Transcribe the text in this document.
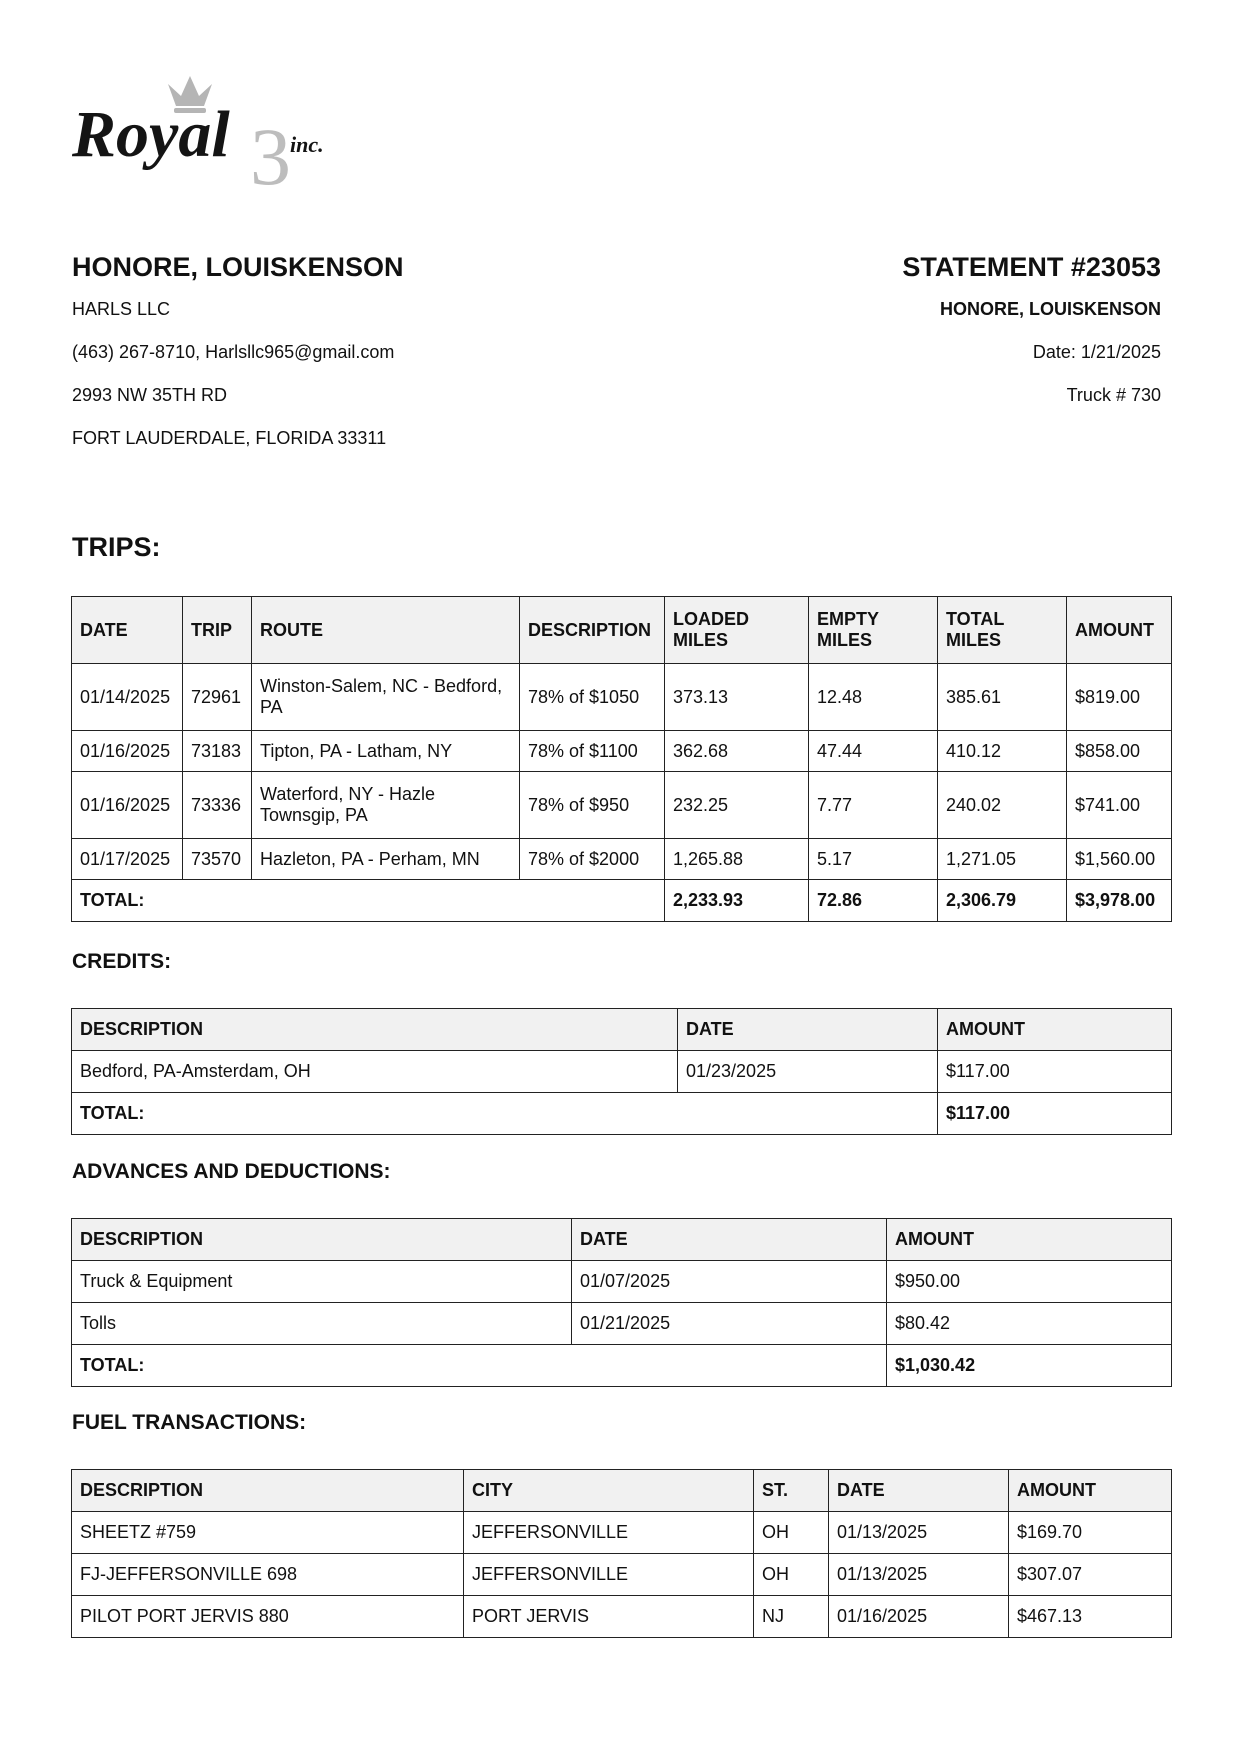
Royal 3 inc.
HONORE, LOUISKENSON
HARLS LLC
(463) 267-8710, Harlsllc965@gmail.com
2993 NW 35TH RD
FORT LAUDERDALE, FLORIDA 33311
STATEMENT #23053
HONORE, LOUISKENSON
Date: 1/21/2025
Truck # 730
TRIPS:
DATE	TRIP	ROUTE	DESCRIPTION	LOADED MILES	EMPTY MILES	TOTAL MILES	AMOUNT
01/14/2025	72961	Winston-Salem, NC - Bedford, PA	78% of $1050	373.13	12.48	385.61	$819.00
01/16/2025	73183	Tipton, PA - Latham, NY	78% of $1100	362.68	47.44	410.12	$858.00
01/16/2025	73336	Waterford, NY - Hazle Townsgip, PA	78% of $950	232.25	7.77	240.02	$741.00
01/17/2025	73570	Hazleton, PA - Perham, MN	78% of $2000	1,265.88	5.17	1,271.05	$1,560.00
TOTAL:				2,233.93	72.86	2,306.79	$3,978.00
CREDITS:
DESCRIPTION	DATE	AMOUNT
Bedford, PA-Amsterdam, OH	01/23/2025	$117.00
TOTAL:		$117.00
ADVANCES AND DEDUCTIONS:
DESCRIPTION	DATE	AMOUNT
Truck & Equipment	01/07/2025	$950.00
Tolls	01/21/2025	$80.42
TOTAL:		$1,030.42
FUEL TRANSACTIONS:
DESCRIPTION	CITY	ST.	DATE	AMOUNT
SHEETZ #759	JEFFERSONVILLE	OH	01/13/2025	$169.70
FJ-JEFFERSONVILLE 698	JEFFERSONVILLE	OH	01/13/2025	$307.07
PILOT PORT JERVIS 880	PORT JERVIS	NJ	01/16/2025	$467.13
